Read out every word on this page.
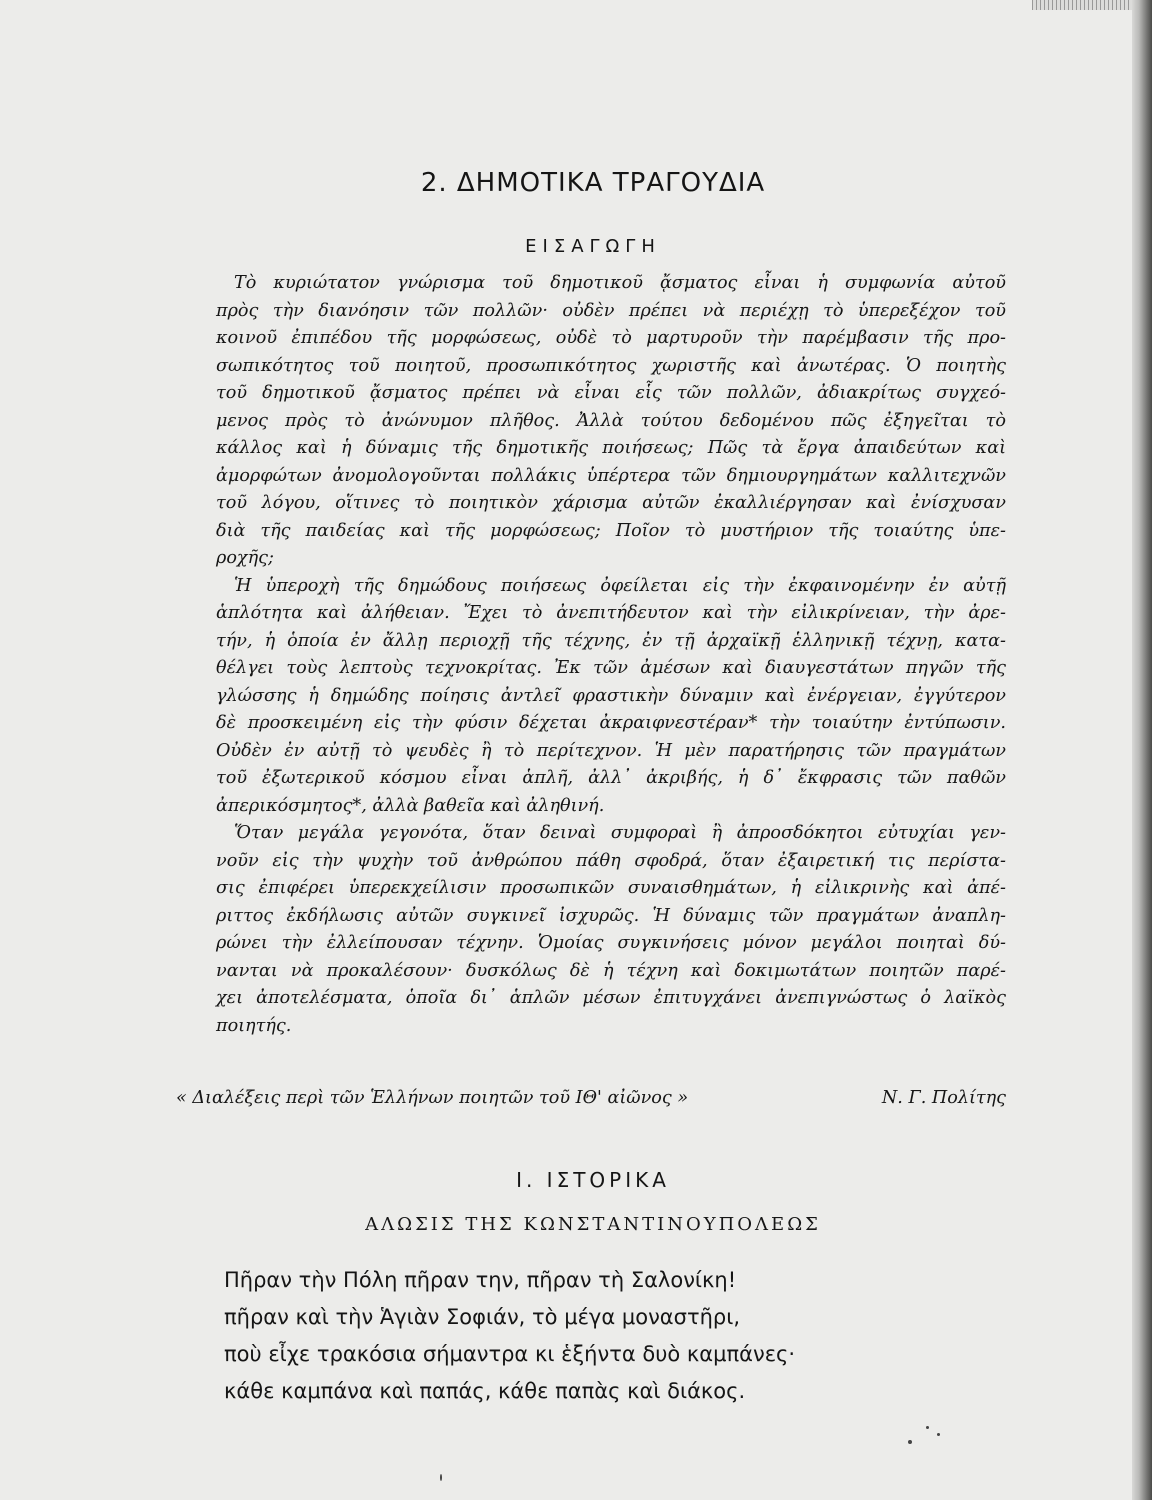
2. ΔΗΜΟΤΙΚΑ ΤΡΑΓΟΥΔΙΑ
ΕΙΣΑΓΩΓΗ
Τὸ κυριώτατον γνώρισμα τοῦ δημοτικοῦ ᾄσματος εἶναι ἡ συμφωνία αὐτοῦ
πρὸς τὴν διανόησιν τῶν πολλῶν· οὐδὲν πρέπει νὰ περιέχῃ τὸ ὑπερεξέχον τοῦ
κοινοῦ ἐπιπέδου τῆς μορφώσεως, οὐδὲ τὸ μαρτυροῦν τὴν παρέμβασιν τῆς προ-
σωπικότητος τοῦ ποιητοῦ, προσωπικότητος χωριστῆς καὶ ἀνωτέρας. Ὁ ποιητὴς
τοῦ δημοτικοῦ ᾄσματος πρέπει νὰ εἶναι εἷς τῶν πολλῶν, ἀδιακρίτως συγχεό-
μενος πρὸς τὸ ἀνώνυμον πλῆθος. Ἀλλὰ τούτου δεδομένου πῶς ἐξηγεῖται τὸ
κάλλος καὶ ἡ δύναμις τῆς δημοτικῆς ποιήσεως; Πῶς τὰ ἔργα ἀπαιδεύτων καὶ
ἀμορφώτων ἀνομολογοῦνται πολλάκις ὑπέρτερα τῶν δημιουργημάτων καλλιτεχνῶν
τοῦ λόγου, οἵτινες τὸ ποιητικὸν χάρισμα αὐτῶν ἐκαλλιέργησαν καὶ ἐνίσχυσαν
διὰ τῆς παιδείας καὶ τῆς μορφώσεως; Ποῖον τὸ μυστήριον τῆς τοιαύτης ὑπε-
ροχῆς;
Ἡ ὑπεροχὴ τῆς δημώδους ποιήσεως ὀφείλεται εἰς τὴν ἐκφαινομένην ἐν αὐτῇ
ἁπλότητα καὶ ἀλήθειαν. Ἔχει τὸ ἀνεπιτήδευτον καὶ τὴν εἰλικρίνειαν, τὴν ἀρε-
τήν, ἡ ὁποία ἐν ἄλλῃ περιοχῇ τῆς τέχνης, ἐν τῇ ἀρχαϊκῇ ἑλληνικῇ τέχνῃ, κατα-
θέλγει τοὺς λεπτοὺς τεχνοκρίτας. Ἐκ τῶν ἀμέσων καὶ διαυγεστάτων πηγῶν τῆς
γλώσσης ἡ δημώδης ποίησις ἀντλεῖ φραστικὴν δύναμιν καὶ ἐνέργειαν, ἐγγύτερον
δὲ προσκειμένη εἰς τὴν φύσιν δέχεται ἀκραιφνεστέραν* τὴν τοιαύτην ἐντύπωσιν.
Οὐδὲν ἐν αὐτῇ τὸ ψευδὲς ἢ τὸ περίτεχνον. Ἡ μὲν παρατήρησις τῶν πραγμάτων
τοῦ ἐξωτερικοῦ κόσμου εἶναι ἁπλῆ, ἀλλ᾽ ἀκριβής, ἡ δ᾽ ἔκφρασις τῶν παθῶν
ἀπερικόσμητος*, ἀλλὰ βαθεῖα καὶ ἀληθινή.
Ὅταν μεγάλα γεγονότα, ὅταν δειναὶ συμφοραὶ ἢ ἀπροσδόκητοι εὐτυχίαι γεν-
νοῦν εἰς τὴν ψυχὴν τοῦ ἀνθρώπου πάθη σφοδρά, ὅταν ἐξαιρετική τις περίστα-
σις ἐπιφέρει ὑπερεκχείλισιν προσωπικῶν συναισθημάτων, ἡ εἰλικρινὴς καὶ ἀπέ-
ριττος ἐκδήλωσις αὐτῶν συγκινεῖ ἰσχυρῶς. Ἡ δύναμις τῶν πραγμάτων ἀναπλη-
ρώνει τὴν ἐλλείπουσαν τέχνην. Ὁμοίας συγκινήσεις μόνον μεγάλοι ποιηταὶ δύ-
νανται νὰ προκαλέσουν· δυσκόλως δὲ ἡ τέχνη καὶ δοκιμωτάτων ποιητῶν παρέ-
χει ἀποτελέσματα, ὁποῖα δι᾽ ἁπλῶν μέσων ἐπιτυγχάνει ἀνεπιγνώστως ὁ λαϊκὸς
ποιητής.
« Διαλέξεις περὶ τῶν Ἑλλήνων ποιητῶν τοῦ ΙΘ' αἰῶνος »	Ν. Γ. Πολίτης
Ι. ΙΣΤΟΡΙΚΑ
ΑΛΩΣΙΣ ΤΗΣ ΚΩΝΣΤΑΝΤΙΝΟΥΠΟΛΕΩΣ
Πῆραν τὴν Πόλη πῆραν την, πῆραν τὴ Σαλονίκη!
πῆραν καὶ τὴν Ἁγιὰν Σοφιάν, τὸ μέγα μοναστῆρι,
ποὺ εἶχε τρακόσια σήμαντρα κι ἑξήντα δυὸ καμπάνες·
κάθε καμπάνα καὶ παπάς, κάθε παπὰς καὶ διάκος.
